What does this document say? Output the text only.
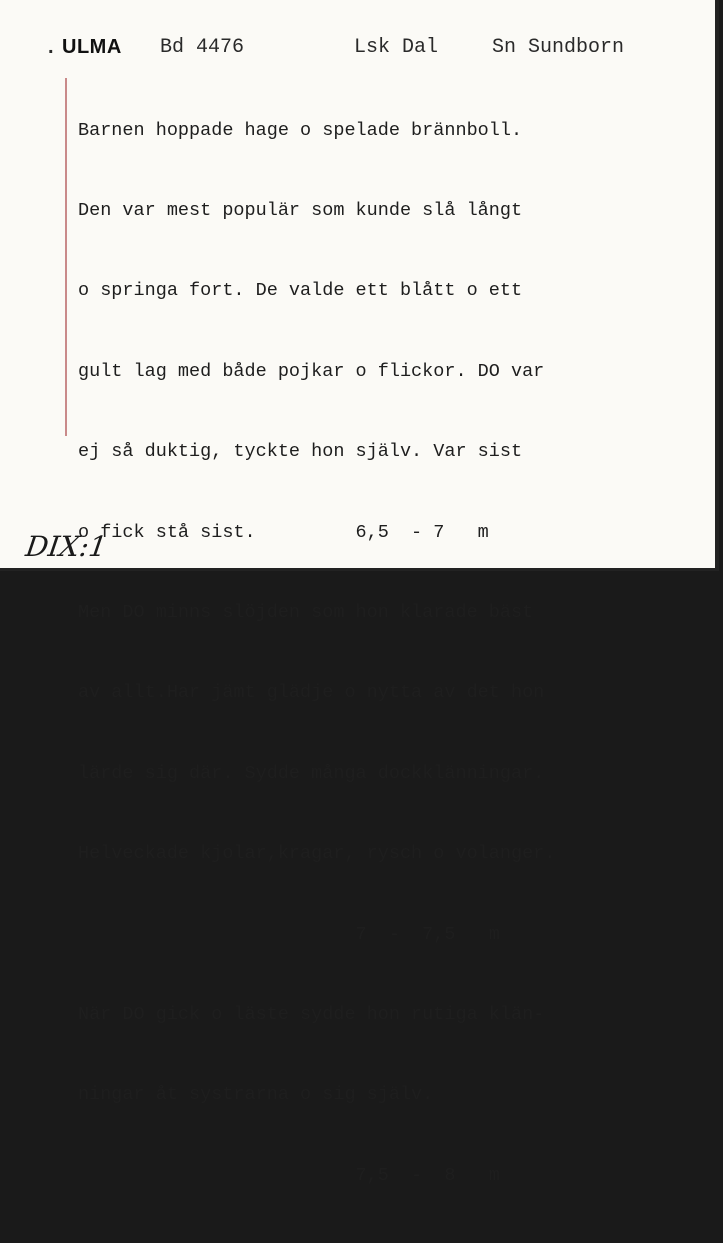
. ULMA Bd 4476	Lsk Dal	Sn Sundborn

Barnen hoppade hage o spelade brännboll.

Den var mest populär som kunde slå långt

o springa fort. De valde ett blått o ett

gult lag med både pojkar o flickor. DO var

ej så duktig, tyckte hon själv. Var sist

o fick stå sist.         6,5  - 7   m

Men DO minns slöjden som hon klarade bäst

av allt.Har jämt glädje o nytta av det hon

lärde sig där. Sydde många dockklänningar.

Helveckade kjolar,kragar, rysch o volanger.

7  -  7,5   m

När DO gick o läste sydde hon rutiga klän-

ningar åt systrarna o sig själv.

7,5  -  8   m

DIX:1
